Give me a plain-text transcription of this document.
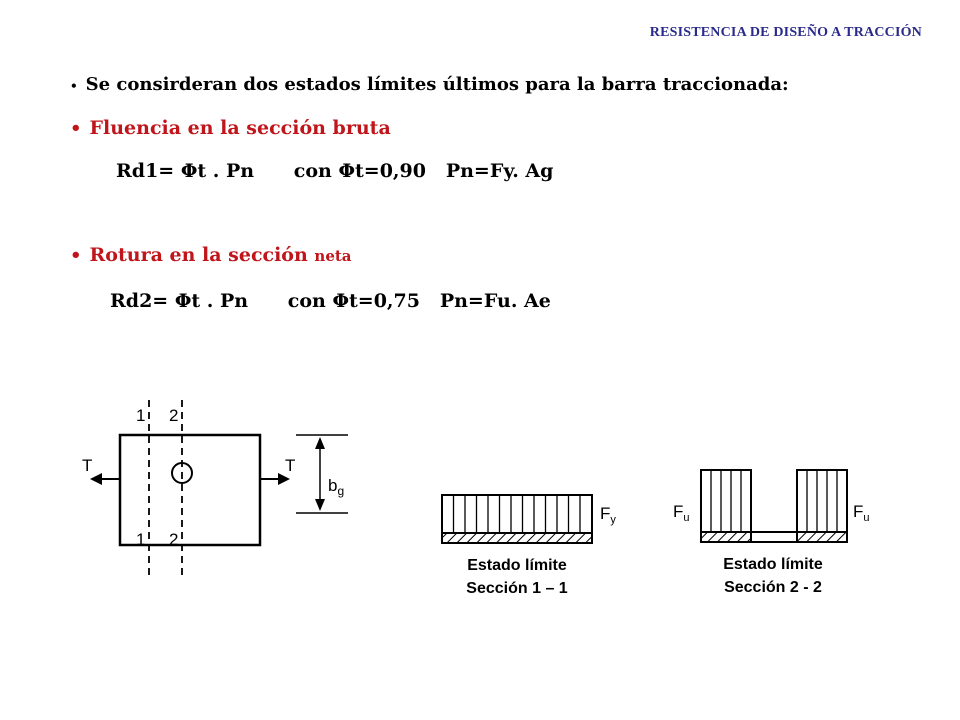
RESISTENCIA DE DISEÑO A TRACCIÓN
• Se consirderan dos estados límites últimos para la barra traccionada:
• Fluencia en la sección bruta
Rd1= Φt . Pn      con Φt=0,90   Pn=Fy. Ag
• Rotura en la sección
neta
Rd2= Φt . Pn      con Φt=0,75   Pn=Fu. Ae
1 2
1 2
T	T
$b_g$
$F_y$
Estado límite
Sección 1 – 1
$F_u$	$F_u$
Estado límite
Sección 2 - 2
